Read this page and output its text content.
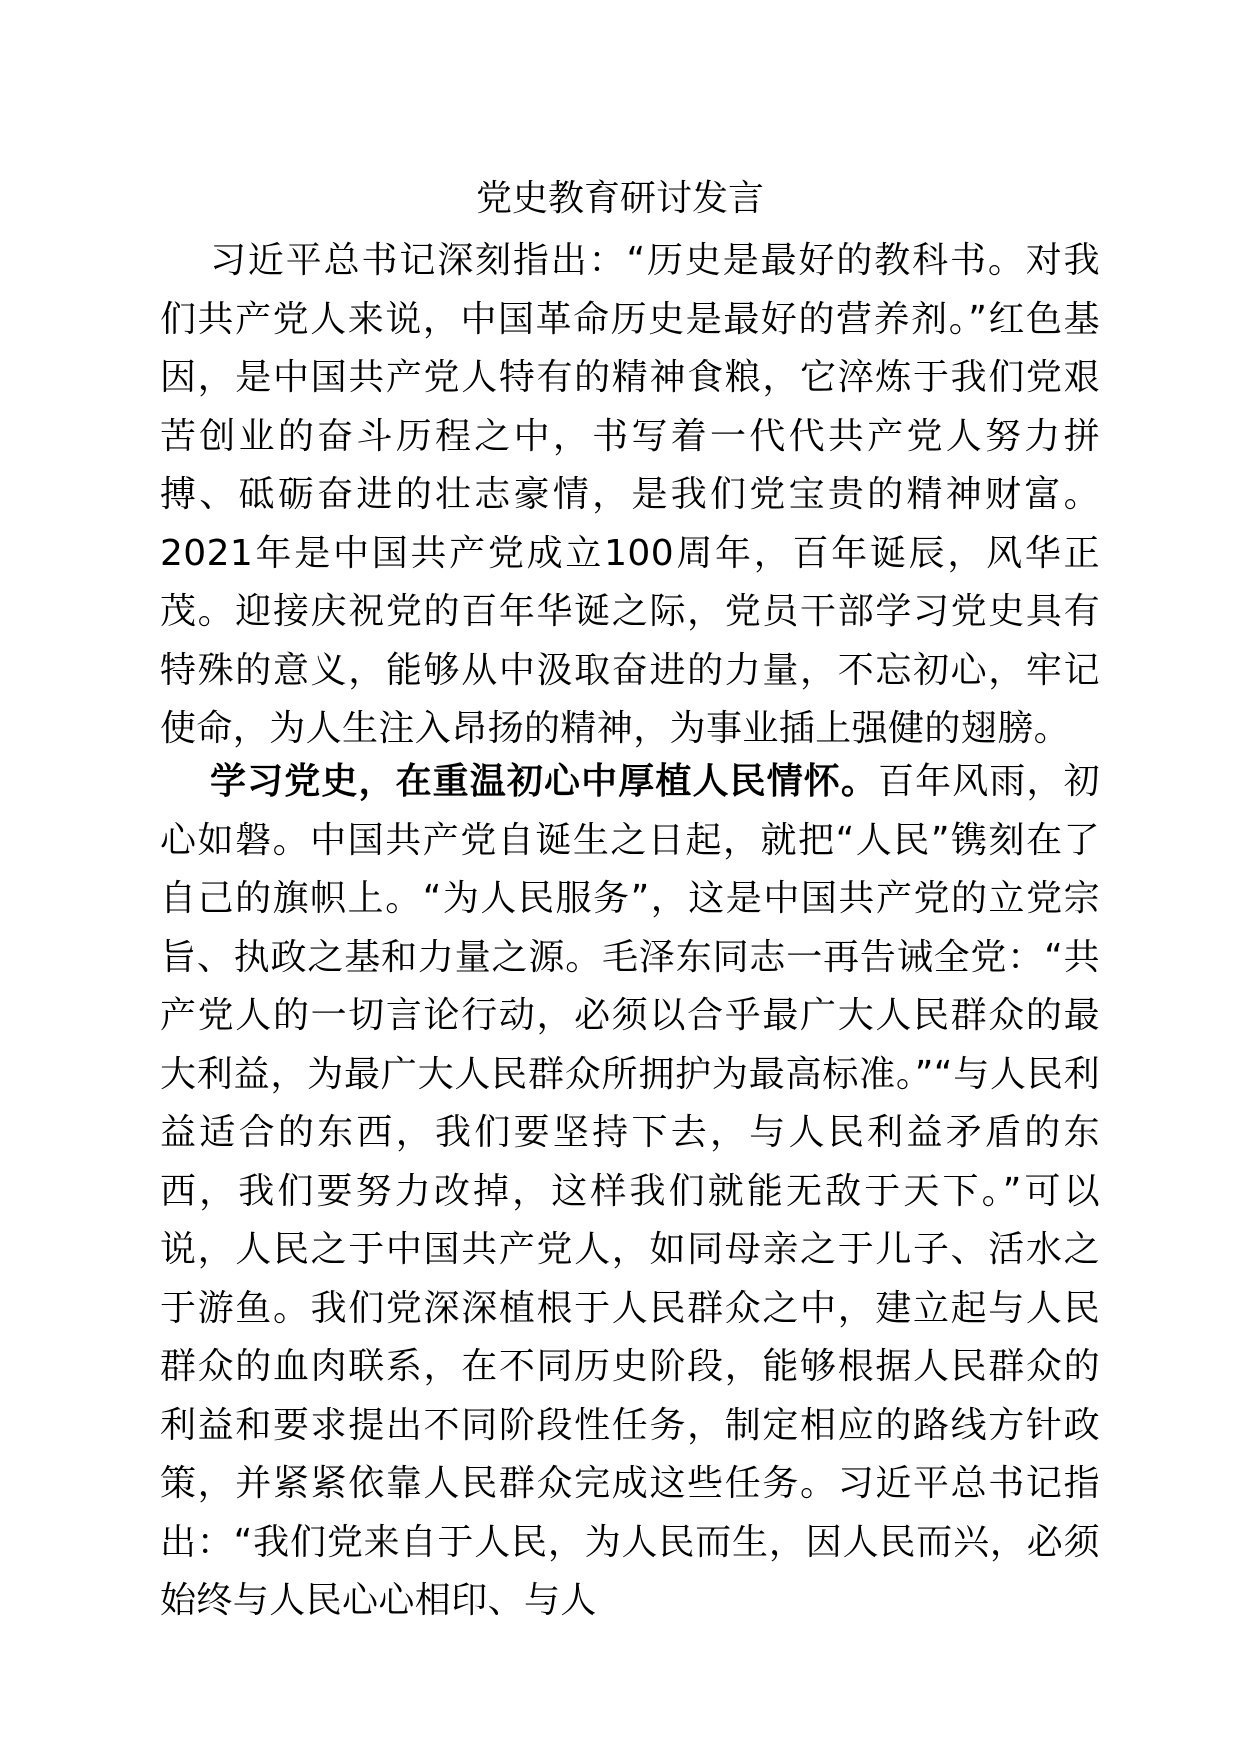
党史教育研讨发言

习近平总书记深刻指出：“历史是最好的教科书。对我们共产党人来说，中国革命历史是最好的营养剂。”红色基因，是中国共产党人特有的精神食粮，它淬炼于我们党艰苦创业的奋斗历程之中，书写着一代代共产党人努力拼搏、砥砺奋进的壮志豪情，是我们党宝贵的精神财富。2021年是中国共产党成立100周年，百年诞辰，风华正茂。迎接庆祝党的百年华诞之际，党员干部学习党史具有特殊的意义，能够从中汲取奋进的力量，不忘初心，牢记使命，为人生注入昂扬的精神，为事业插上强健的翅膀。

学习党史，在重温初心中厚植人民情怀。百年风雨，初心如磐。中国共产党自诞生之日起，就把“人民”镌刻在了自己的旗帜上。“为人民服务”，这是中国共产党的立党宗旨、执政之基和力量之源。毛泽东同志一再告诫全党：“共产党人的一切言论行动，必须以合乎最广大人民群众的最大利益，为最广大人民群众所拥护为最高标准。”“与人民利益适合的东西，我们要坚持下去，与人民利益矛盾的东西，我们要努力改掉，这样我们就能无敌于天下。”可以说，人民之于中国共产党人，如同母亲之于儿子、活水之于游鱼。我们党深深植根于人民群众之中，建立起与人民群众的血肉联系，在不同历史阶段，能够根据人民群众的利益和要求提出不同阶段性任务，制定相应的路线方针政策，并紧紧依靠人民群众完成这些任务。习近平总书记指出：“我们党来自于人民，为人民而生，因人民而兴，必须始终与人民心心相印、与人
